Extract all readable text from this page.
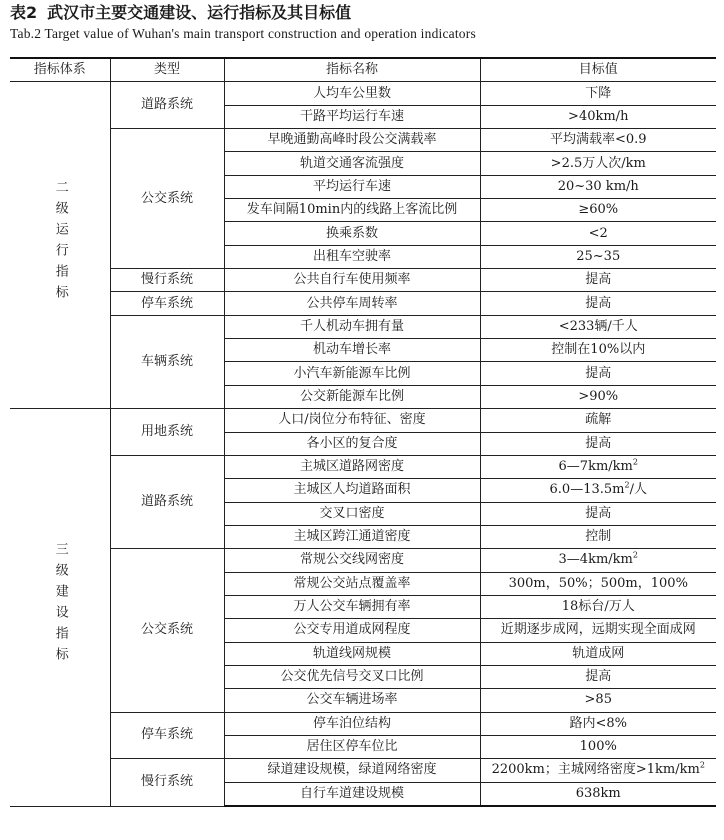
表2 武汉市主要交通建设、运行指标及其目标值
Tab.2 Target value of Wuhan's main transport construction and operation indicators
指标体系	类型	指标名称	目标值
二级运行指标	道路系统	人均车公里数	下降
		干路平均运行车速	>40km/h
	公交系统	早晚通勤高峰时段公交满载率	平均满载率<0.9
		轨道交通客流强度	>2.5万人次/km
		平均运行车速	20~30 km/h
		发车间隔10min内的线路上客流比例	≥60%
		换乘系数	<2
		出租车空驶率	25~35
	慢行系统	公共自行车使用频率	提高
	停车系统	公共停车周转率	提高
	车辆系统	千人机动车拥有量	<233辆/千人
		机动车增长率	控制在10%以内
		小汽车新能源车比例	提高
		公交新能源车比例	>90%
三级建设指标	用地系统	人口/岗位分布特征、密度	疏解
		各小区的复合度	提高
	道路系统	主城区道路网密度	$6—7km/km^2$
		主城区人均道路面积	$6.0—13.5m^2/$人
		交叉口密度	提高
		主城区跨江通道密度	控制
	公交系统	常规公交线网密度	$3—4km/km^2$
		常规公交站点覆盖率	300m，50%；500m，100%
		万人公交车辆拥有率	18标台/万人
		公交专用道成网程度	近期逐步成网，远期实现全面成网
		轨道线网规模	轨道成网
		公交优先信号交叉口比例	提高
		公交车辆进场率	>85
	停车系统	停车泊位结构	路内<8%
		居住区停车位比	100%
	慢行系统	绿道建设规模，绿道网络密度	2200km；主城网络密度$>1km/km^2$
		自行车道建设规模	638km
